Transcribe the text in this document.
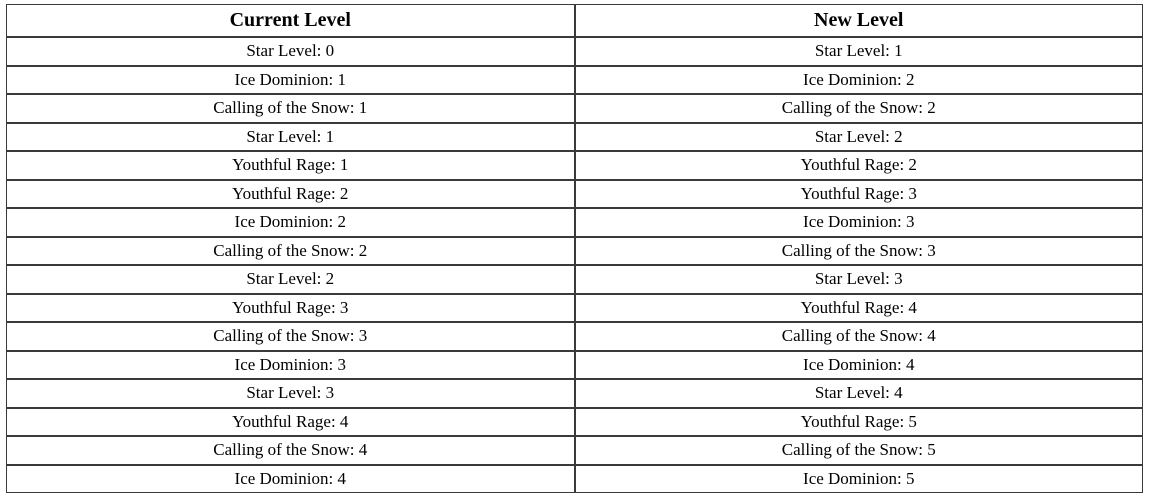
Current Level	New Level
Star Level: 0	Star Level: 1
Ice Dominion: 1	Ice Dominion: 2
Calling of the Snow: 1	Calling of the Snow: 2
Star Level: 1	Star Level: 2
Youthful Rage: 1	Youthful Rage: 2
Youthful Rage: 2	Youthful Rage: 3
Ice Dominion: 2	Ice Dominion: 3
Calling of the Snow: 2	Calling of the Snow: 3
Star Level: 2	Star Level: 3
Youthful Rage: 3	Youthful Rage: 4
Calling of the Snow: 3	Calling of the Snow: 4
Ice Dominion: 3	Ice Dominion: 4
Star Level: 3	Star Level: 4
Youthful Rage: 4	Youthful Rage: 5
Calling of the Snow: 4	Calling of the Snow: 5
Ice Dominion: 4	Ice Dominion: 5
